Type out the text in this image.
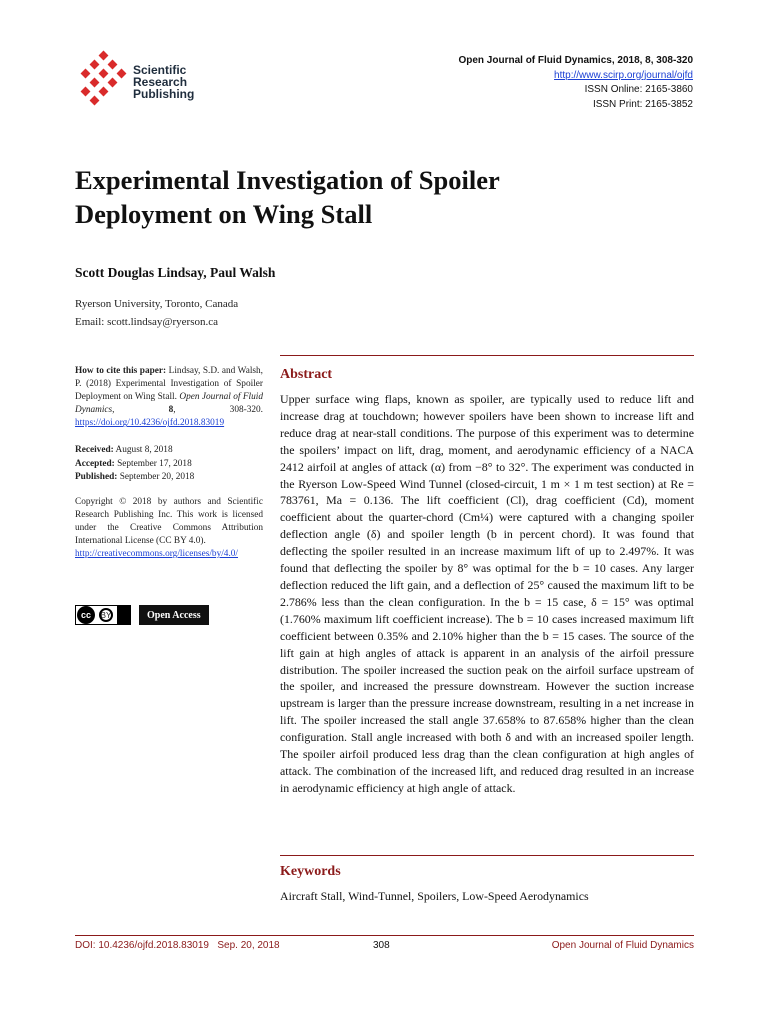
Scientific
Research
Publishing
Open Journal of Fluid Dynamics, 2018, 8, 308-320
http://www.scirp.org/journal/ojfd
ISSN Online: 2165-3860
ISSN Print: 2165-3852
Experimental Investigation of Spoiler
Deployment on Wing Stall
Scott Douglas Lindsay, Paul Walsh
Ryerson University, Toronto, Canada
Email: scott.lindsay@ryerson.ca

How to cite this paper: Lindsay, S.D. and Walsh, P. (2018) Experimental Investigation of Spoiler Deployment on Wing Stall. Open Journal of Fluid Dynamics,	8, 308-320. https://doi.org/10.4236/ojfd.2018.83019

Received: August 8, 2018
Accepted: September 17, 2018
Published: September 20, 2018

Copyright © 2018 by authors and Scientific Research Publishing Inc. This work is licensed under the Creative Commons Attribution International License (CC BY 4.0).

http://creativecommons.org/licenses/by/4.0/
cc	BY	Open Access
Abstract
Upper surface wing flaps, known as spoiler, are typically used to reduce lift and increase drag at touchdown; however spoilers have been shown to increase lift and reduce drag at near-stall conditions. The purpose of this experiment was to determine the spoilers’ impact on lift, drag, moment, and aerodynamic efficiency of a NACA 2412 airfoil at angles of attack (α) from −8° to 32°. The experiment was conducted in the Ryerson Low-Speed Wind Tunnel (closed-circuit, 1 m × 1 m test section) at Re = 783761, Ma = 0.136. The lift coefficient (Cl), drag coefficient (Cd), moment coefficient about the quarter-chord (Cm¼) were captured with a changing spoiler deflection angle (δ) and spoiler length (b in percent chord). It was found that deflecting the spoiler resulted in an increase maximum lift of up to 2.497%. It was found that deflecting the spoiler by 8° was optimal for the b = 10 cases. Any larger deflection reduced the lift gain, and a deflection of 25° caused the maximum lift to be 2.786% less than the clean configuration. In the b = 15 case, δ = 15° was optimal (1.760% maximum lift coefficient increase). The b = 10 cases increased maximum lift coefficient between 0.35% and 2.10% higher than the b = 15 cases. The source of the lift gain at high angles of attack is apparent in an analysis of the airfoil pressure distribution. The spoiler increased the suction peak on the airfoil surface upstream of the spoiler, and increased the pressure downstream. However the suction increase upstream is larger than the pressure increase downstream, resulting in a net increase in lift. The spoiler increased the stall angle 37.658% to 87.658% higher than the clean configuration. Stall angle increased with both δ and with an increased spoiler length. The spoiler airfoil produced less drag than the clean configuration at high angles of attack. The combination of the increased lift, and reduced drag resulted in an increase in aerodynamic efficiency at high angle of attack.
Keywords
Aircraft Stall, Wind-Tunnel, Spoilers, Low-Speed Aerodynamics
DOI: 10.4236/ojfd.2018.83019 Sep. 20, 2018	308	Open Journal of Fluid Dynamics
